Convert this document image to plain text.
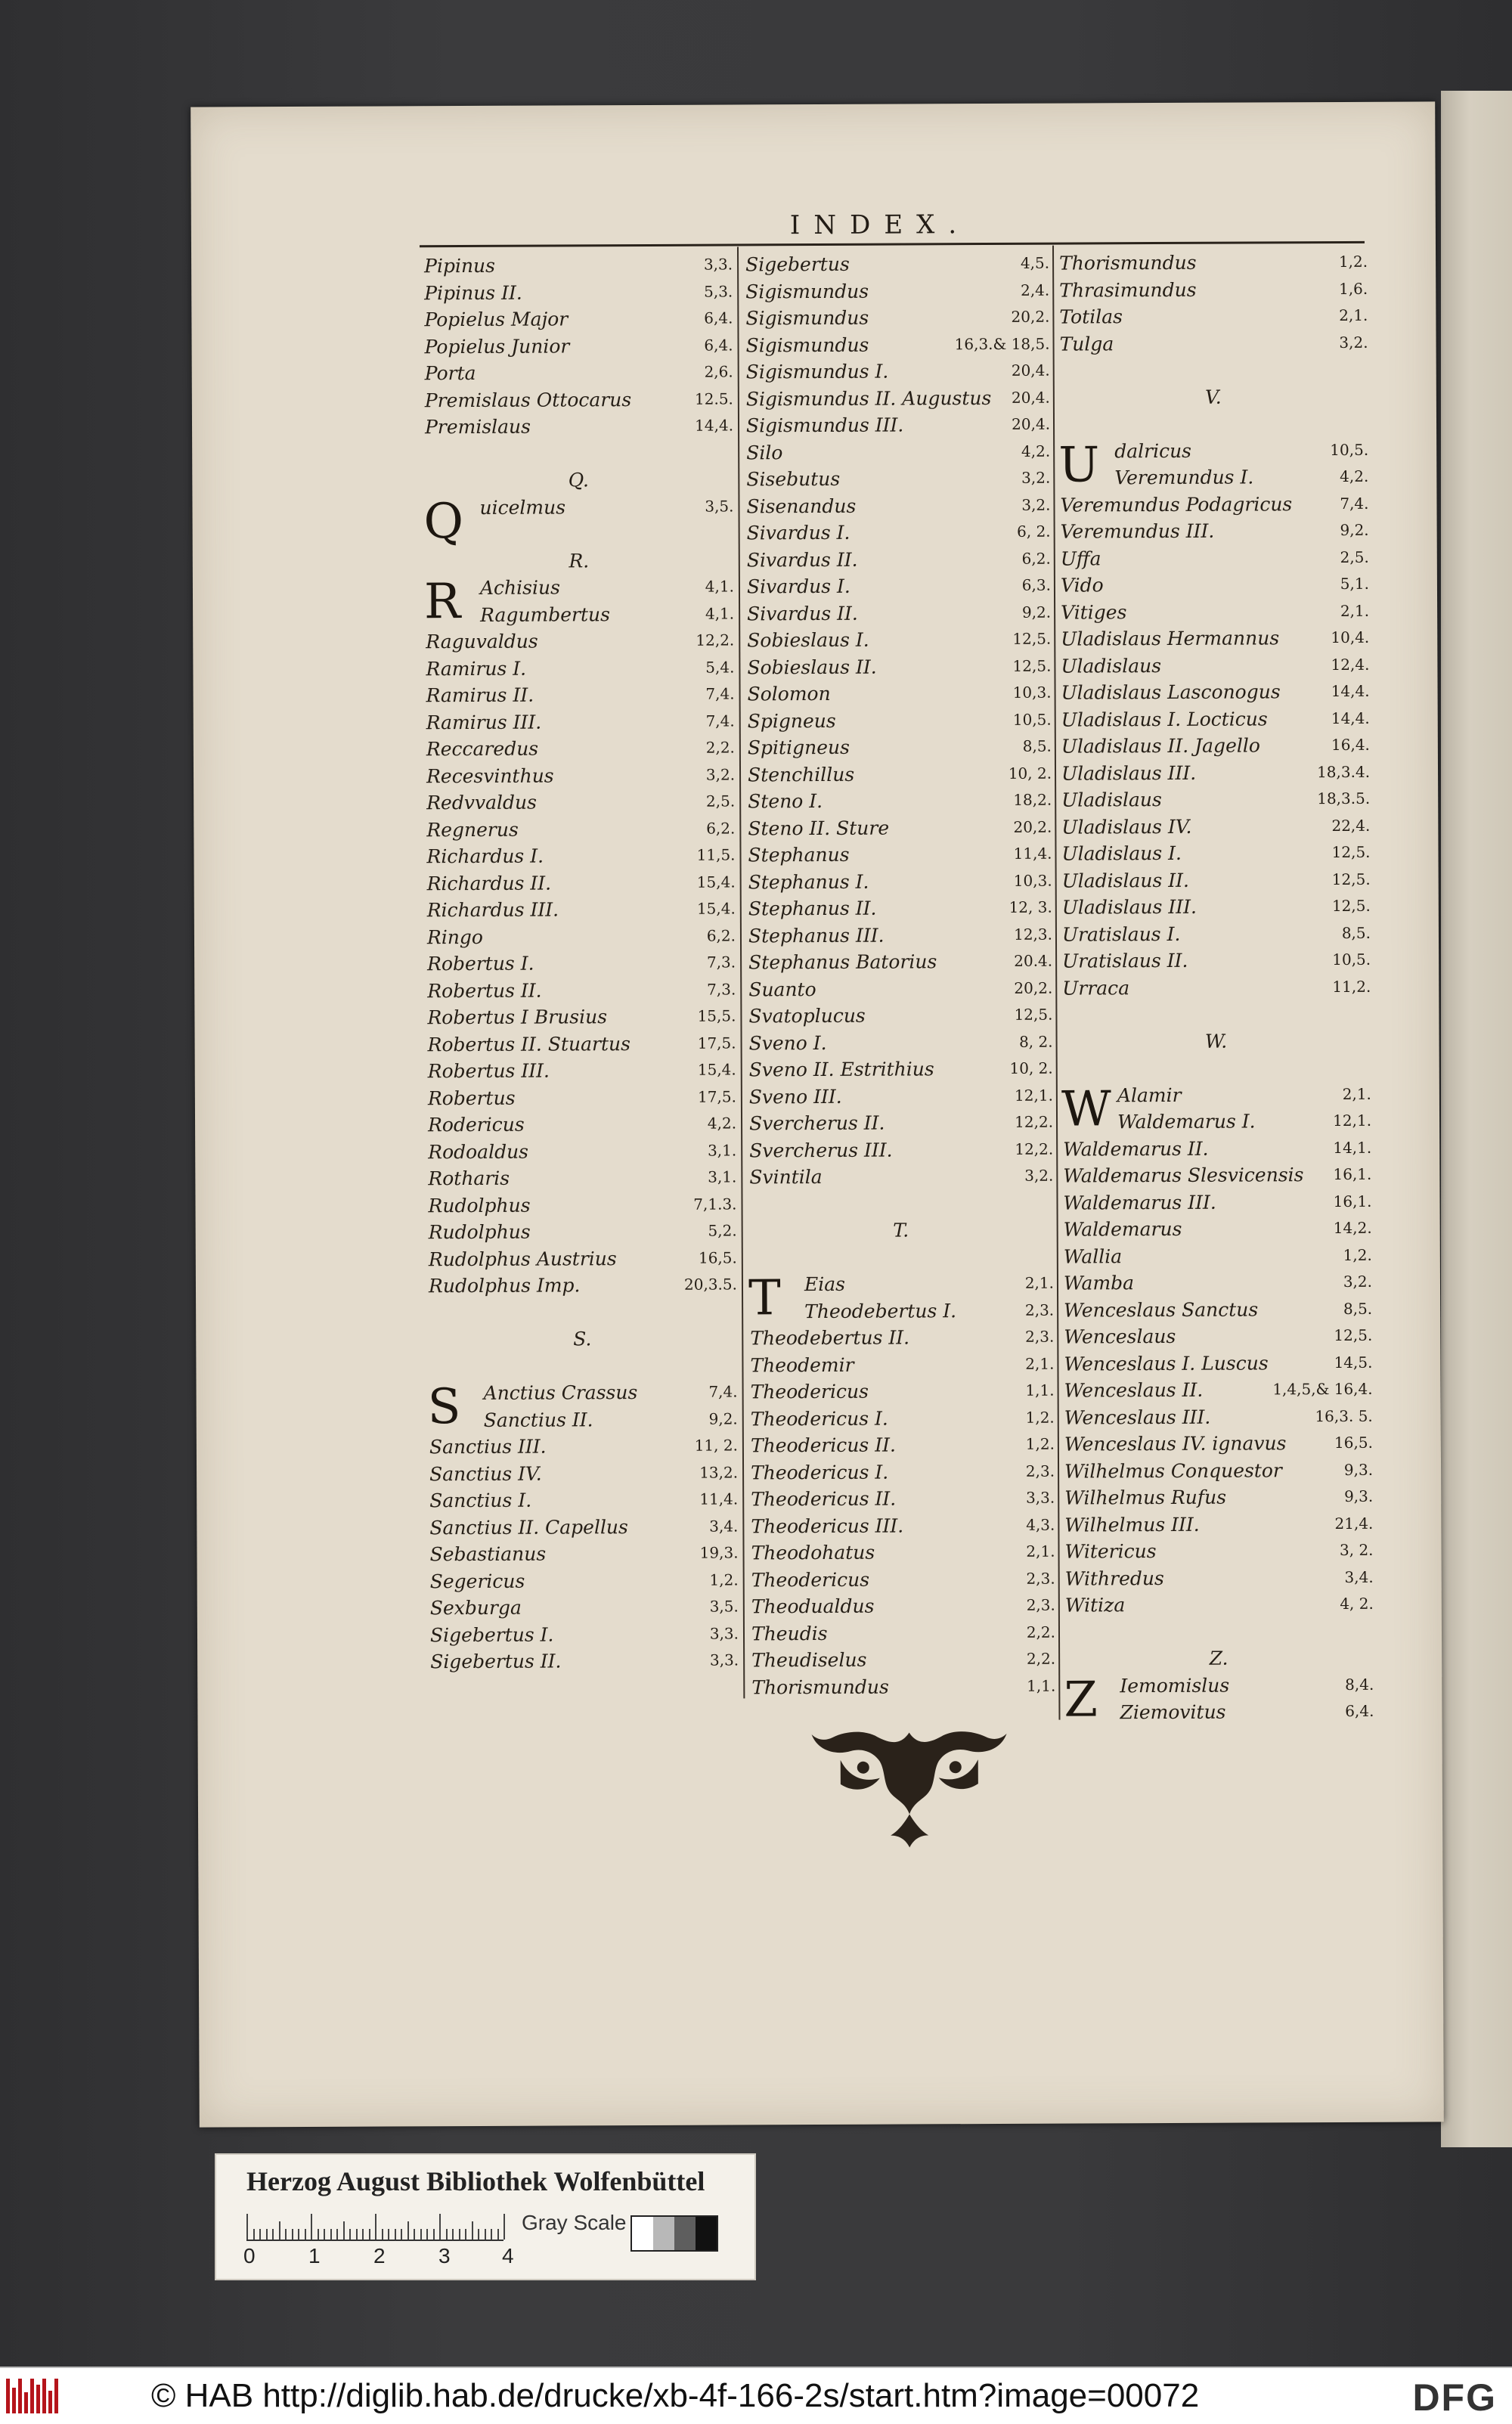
INDEX.
Pipinus	3,3.
Pipinus II.	5,3.
Popielus Major	6,4.
Popielus Junior	6,4.
Porta	2,6.
Premislaus Ottocarus	12.5.
Premislaus	14,4.
Q.
Q uicelmus	3,5.
R.
R Achisius	4,1.
Ragumbertus	4,1.
Raguvaldus	12,2.
Ramirus I.	5,4.
Ramirus II.	7,4.
Ramirus III.	7,4.
Reccaredus	2,2.
Recesvinthus	3,2.
Redvvaldus	2,5.
Regnerus	6,2.
Richardus I.	11,5.
Richardus II.	15,4.
Richardus III.	15,4.
Ringo	6,2.
Robertus I.	7,3.
Robertus II.	7,3.
Robertus I Brusius	15,5.
Robertus II. Stuartus	17,5.
Robertus III.	15,4.
Robertus	17,5.
Rodericus	4,2.
Rodoaldus	3,1.
Rotharis	3,1.
Rudolphus	7,1.3.
Rudolphus	5,2.
Rudolphus Austrius	16,5.
Rudolphus Imp.	20,3.5.
S.
S Anctius Crassus	7,4.
Sanctius II.	9,2.
Sanctius III.	11, 2.
Sanctius IV.	13,2.
Sanctius I.	11,4.
Sanctius II. Capellus	3,4.
Sebastianus	19,3.
Segericus	1,2.
Sexburga	3,5.
Sigebertus I.	3,3.
Sigebertus II.	3,3.
Sigebertus	4,5.
Sigismundus	2,4.
Sigismundus	20,2.
Sigismundus	16,3.& 18,5.
Sigismundus I.	20,4.
Sigismundus II. Augustus 20,4.
Sigismundus III.	20,4.
Silo	4,2.
Sisebutus	3,2.
Sisenandus	3,2.
Sivardus I.	6, 2.
Sivardus II.	6,2.
Sivardus I.	6,3.
Sivardus II.	9,2.
Sobieslaus I.	12,5.
Sobieslaus II.	12,5.
Solomon	10,3.
Spigneus	10,5.
Spitigneus	8,5.
Stenchillus	10, 2.
Steno I.	18,2.
Steno II. Sture	20,2.
Stephanus	11,4.
Stephanus I.	10,3.
Stephanus II.	12, 3.
Stephanus III.	12,3.
Stephanus Batorius	20.4.
Suanto	20,2.
Svatoplucus	12,5.
Sveno I.	8, 2.
Sveno II. Estrithius	10, 2.
Sveno III.	12,1.
Svercherus II.	12,2.
Svercherus III.	12,2.
Svintila	3,2.
T.
T Eias	2,1.
Theodebertus I.	2,3.
Theodebertus II.	2,3.
Theodemir	2,1.
Theodericus	1,1.
Theodericus I.	1,2.
Theodericus II.	1,2.
Theodericus I.	2,3.
Theodericus II.	3,3.
Theodericus III.	4,3.
Theodohatus	2,1.
Theodericus	2,3.
Theodualdus	2,3.
Theudis	2,2.
Theudiselus	2,2.
Thorismundus	1,1.
Thorismundus	1,2.
Thrasimundus	1,6.
Totilas	2,1.
Tulga	3,2.
V.
U dalricus	10,5.
Veremundus I.	4,2.
Veremundus Podagricus	7,4.
Veremundus III.	9,2.
Uffa	2,5.
Vido	5,1.
Vitiges	2,1.
Uladislaus Hermannus	10,4.
Uladislaus	12,4.
Uladislaus Lasconogus	14,4.
Uladislaus I. Locticus	14,4.
Uladislaus II. Jagello	16,4.
Uladislaus III.	18,3.4.
Uladislaus	18,3.5.
Uladislaus IV.	22,4.
Uladislaus I.	12,5.
Uladislaus II.	12,5.
Uladislaus III.	12,5.
Uratislaus I.	8,5.
Uratislaus II.	10,5.
Urraca	11,2.
W.
W Alamir	2,1.
Waldemarus I.	12,1.
Waldemarus II.	14,1.
Waldemarus Slesvicensis 16,1.
Waldemarus III.	16,1.
Waldemarus	14,2.
Wallia	1,2.
Wamba	3,2.
Wenceslaus Sanctus	8,5.
Wenceslaus	12,5.
Wenceslaus I. Luscus	14,5.
Wenceslaus II.	1,4,5,& 16,4.
Wenceslaus III.	16,3. 5.
Wenceslaus IV. ignavus	16,5.
Wilhelmus Conquestor	9,3.
Wilhelmus Rufus	9,3.
Wilhelmus III.	21,4.
Witericus	3, 2.
Withredus	3,4.
Witiza	4, 2.
Z.
Z Iemomislus	8,4.
Ziemovitus	6,4.
Herzog August Bibliothek Wolfenbüttel
Gray Scale
0	1	2	3 4
© HAB http://diglib.hab.de/drucke/xb-4f-166-2s/start.htm?image=00072	DFG
